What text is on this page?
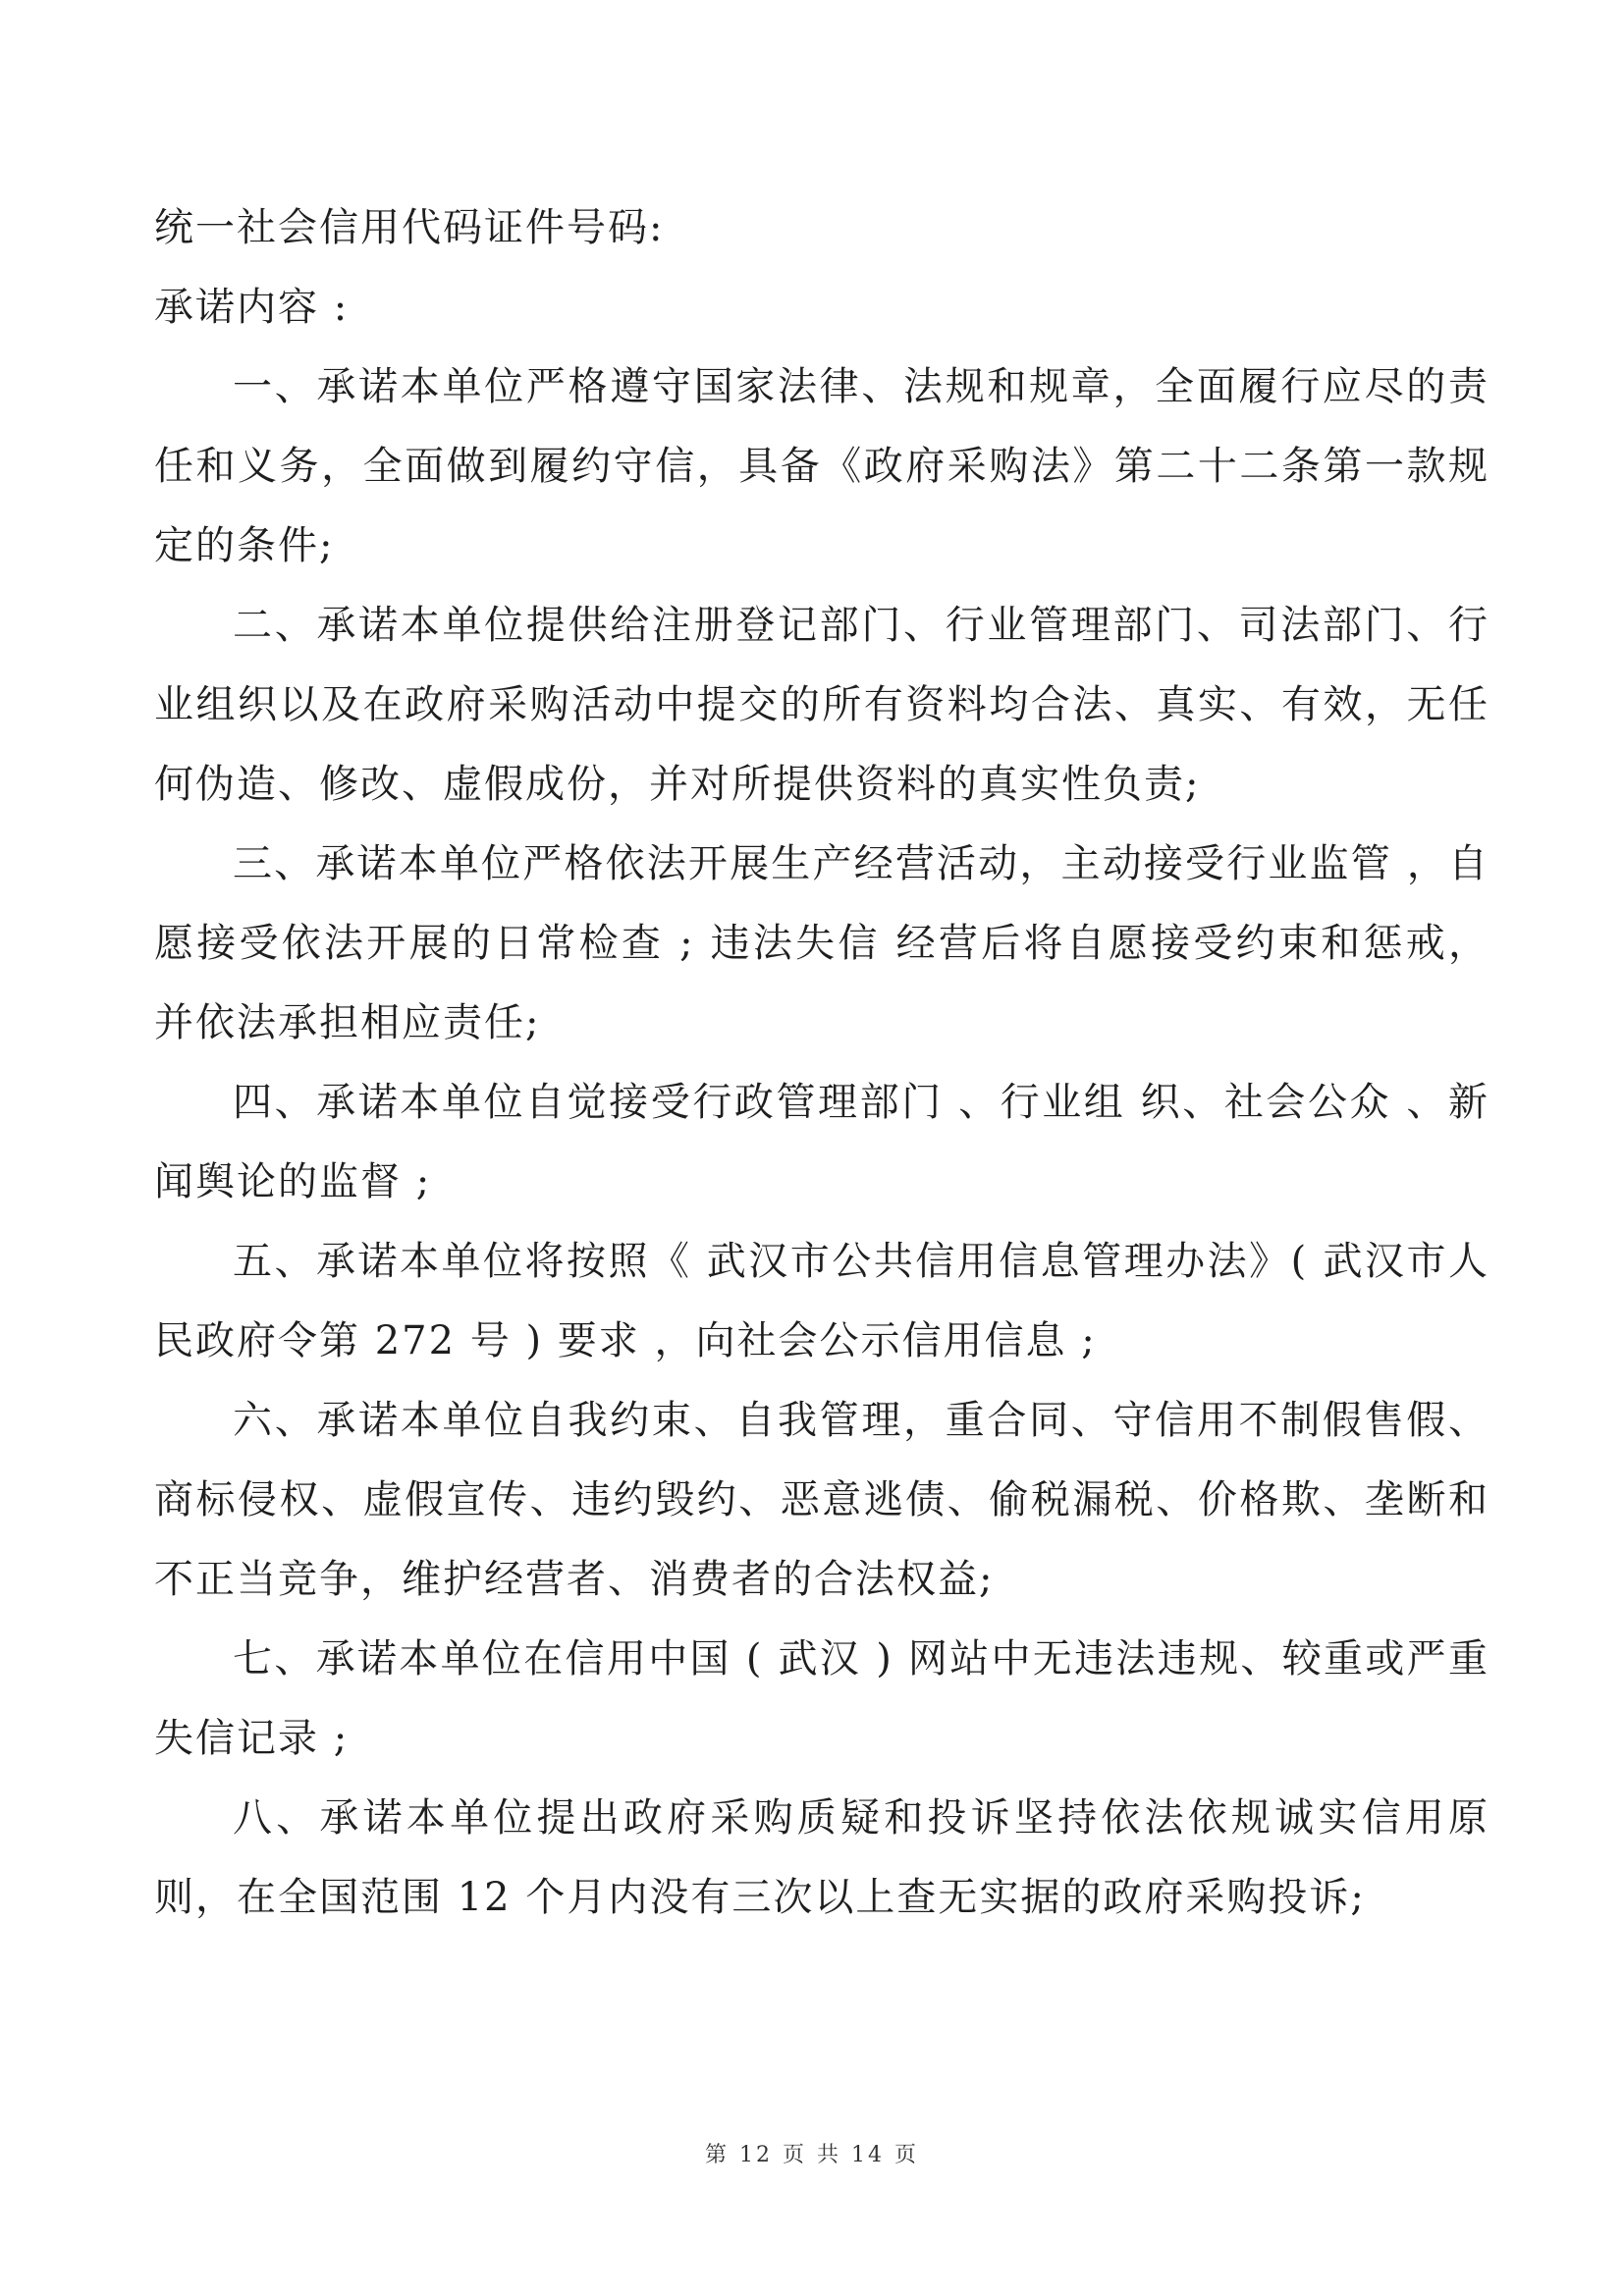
统一社会信用代码证件号码:

承诺内容 :

一、承诺本单位严格遵守国家法律、法规和规章，全面履行应尽的责任和义务，全面做到履约守信，具备《政府采购法》第二十二条第一款规定的条件;

二、承诺本单位提供给注册登记部门、行业管理部门、司法部门、行业组织以及在政府采购活动中提交的所有资料均合法、真实、有效，无任何伪造、修改、虚假成份，并对所提供资料的真实性负责;

三、承诺本单位严格依法开展生产经营活动，主动接受行业监管 ，自愿接受依法开展的日常检查 ; 违法失信 经营后将自愿接受约束和惩戒，并依法承担相应责任;

四、承诺本单位自觉接受行政管理部门 、行业组 织、社会公众 、新闻舆论的监督 ;

五、承诺本单位将按照《 武汉市公共信用信息管理办法》( 武汉市人民政府令第 272 号 ) 要求 ，向社会公示信用信息 ;

六、承诺本单位自我约束、自我管理，重合同、守信用不制假售假、商标侵权、虚假宣传、违约毁约、恶意逃债、偷税漏税、价格欺、垄断和不正当竞争，维护经营者、消费者的合法权益;

七、承诺本单位在信用中国 ( 武汉 ) 网站中无违法违规、较重或严重失信记录 ;

八、承诺本单位提出政府采购质疑和投诉坚持依法依规诚实信用原则，在全国范围 12 个月内没有三次以上查无实据的政府采购投诉;

第 12 页 共 14 页
